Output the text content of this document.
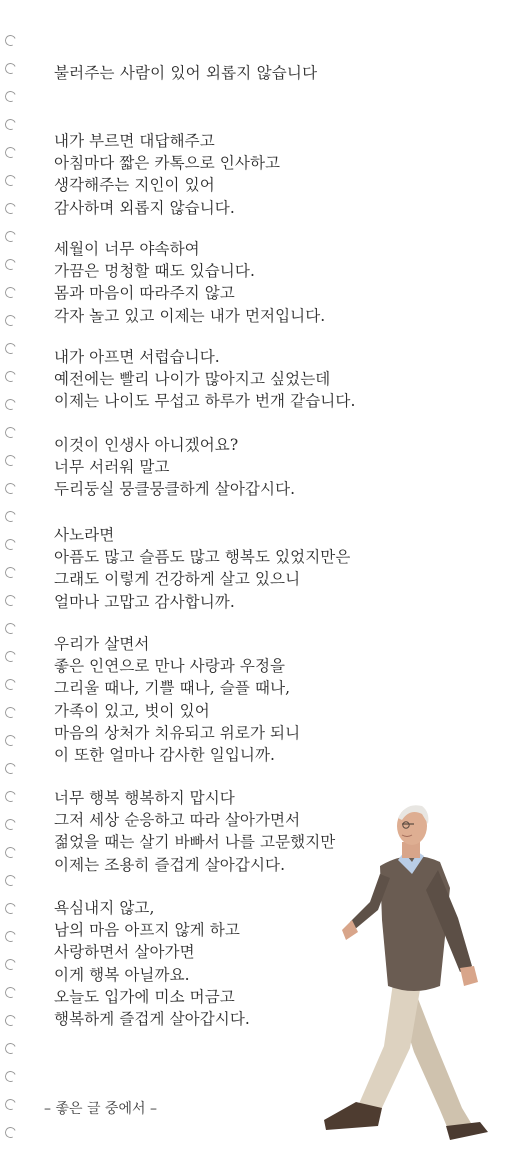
불러주는 사람이 있어 외롭지 않습니다
내가 부르면 대답해주고
아침마다 짧은 카톡으로 인사하고
생각해주는 지인이 있어
감사하며 외롭지 않습니다.
세월이 너무 야속하여
가끔은 멍청할 때도 있습니다.
몸과 마음이 따라주지 않고
각자 놀고 있고 이제는 내가 먼저입니다.
내가 아프면 서럽습니다.
예전에는 빨리 나이가 많아지고 싶었는데
이제는 나이도 무섭고 하루가 번개 같습니다.
이것이 인생사 아니겠어요?
너무 서러워 말고
두리둥실 뭉클뭉클하게 살아갑시다.
사노라면
아픔도 많고 슬픔도 많고 행복도 있었지만은
그래도 이렇게 건강하게 살고 있으니
얼마나 고맙고 감사합니까.
우리가 살면서
좋은 인연으로 만나 사랑과 우정을
그리울 때나, 기쁠 때나, 슬플 때나,
가족이 있고, 벗이 있어
마음의 상처가 치유되고 위로가 되니
이 또한 얼마나 감사한 일입니까.
너무 행복 행복하지 맙시다
그저 세상 순응하고 따라 살아가면서
젊었을 때는 살기 바빠서 나를 고문했지만
이제는 조용히 즐겁게 살아갑시다.
욕심내지 않고,
남의 마음 아프지 않게 하고
사랑하면서 살아가면
이게 행복 아닐까요.
오늘도 입가에 미소 머금고
행복하게 즐겁게 살아갑시다.
– 좋은 글 중에서 –
